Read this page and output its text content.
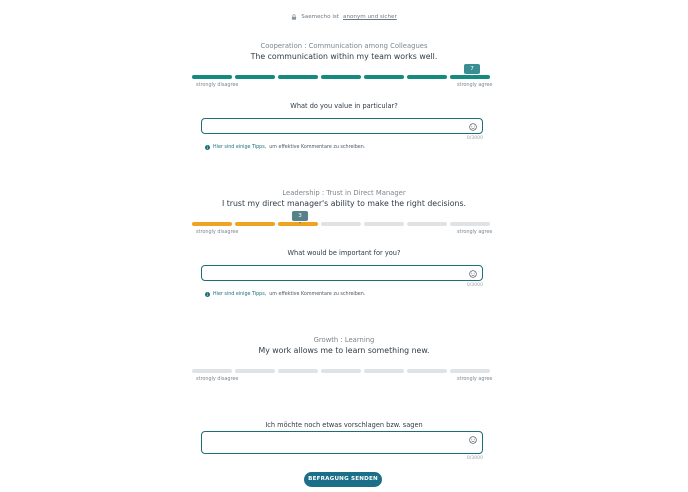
Saemecho ist anonym und sicher
Cooperation : Communication among Colleagues
The communication within my team works well.
7
strongly disagree	strongly agree
What do you value in particular?
0/3000
i	Hier sind einige Tipps, um effektive Kommentare zu schreiben.
Leadership : Trust in Direct Manager
I trust my direct manager's ability to make the right decisions.
3
strongly disagree	strongly agree
What would be important for you?
0/3000
i	Hier sind einige Tipps, um effektive Kommentare zu schreiben.
Growth : Learning
My work allows me to learn something new.
strongly disagree	strongly agree
Ich möchte noch etwas vorschlagen bzw. sagen
0/3000
BEFRAGUNG SENDEN
